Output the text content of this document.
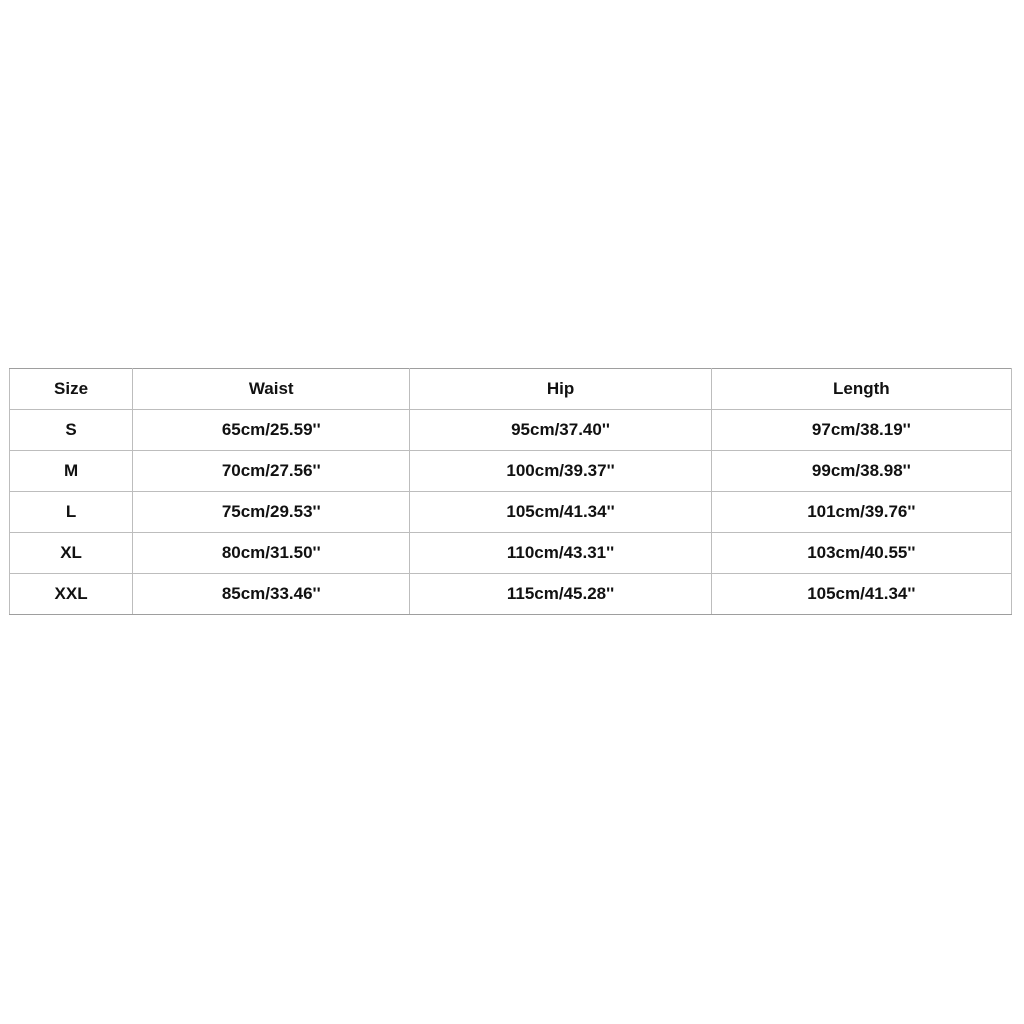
Size	Waist	Hip	Length
S	65cm/25.59''	95cm/37.40''	97cm/38.19''
M	70cm/27.56''	100cm/39.37''	99cm/38.98''
L	75cm/29.53''	105cm/41.34''	101cm/39.76''
XL	80cm/31.50''	110cm/43.31''	103cm/40.55''
XXL	85cm/33.46''	115cm/45.28''	105cm/41.34''
